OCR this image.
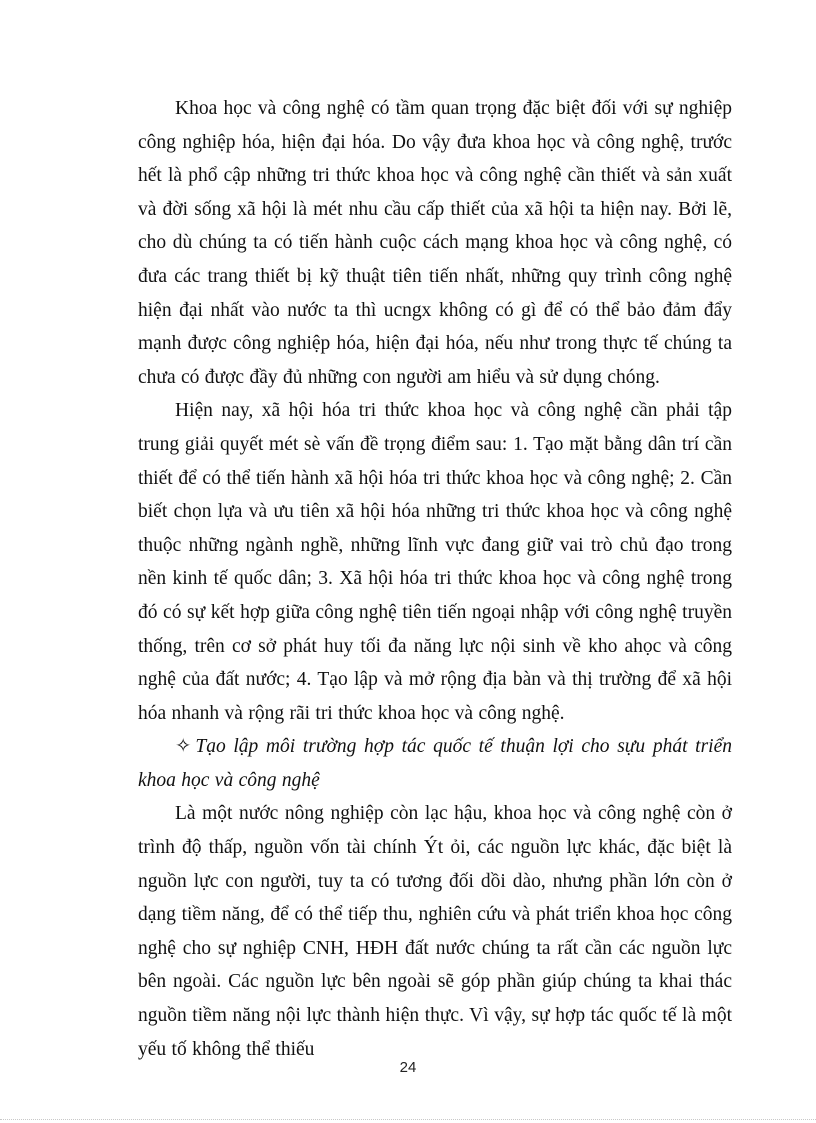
Khoa học và công nghệ có tầm quan trọng đặc biệt đối với sự nghiệp công nghiệp hóa, hiện đại hóa. Do vậy đưa khoa học và công nghệ, trước hết là phổ cập những tri thức khoa học và công nghệ cần thiết và sản xuất và đời sống xã hội là mét nhu cầu cấp thiết của xã hội ta hiện nay. Bởi lẽ, cho dù chúng ta có tiến hành cuộc cách mạng khoa học và công nghệ, có đưa các trang thiết bị kỹ thuật tiên tiến nhất, những quy trình công nghệ hiện đại nhất vào nước ta thì ucngx không có gì để có thể bảo đảm đẩy mạnh được công nghiệp hóa, hiện đại hóa, nếu như trong thực tế chúng ta chưa có được đầy đủ những con người am hiểu và sử dụng chóng.

Hiện nay, xã hội hóa tri thức khoa học và công nghệ cần phải tập trung giải quyết mét sè vấn đề trọng điểm sau: 1. Tạo mặt bằng dân trí cần thiết để có thể tiến hành xã hội hóa tri thức khoa học và công nghệ; 2. Cần biết chọn lựa và ưu tiên xã hội hóa những tri thức khoa học và công nghệ thuộc những ngành nghề, những lĩnh vực đang giữ vai trò chủ đạo trong nền kinh tế quốc dân; 3. Xã hội hóa tri thức khoa học và công nghệ trong đó có sự kết hợp giữa công nghệ tiên tiến ngoại nhập với công nghệ truyền thống, trên cơ sở phát huy tối đa năng lực nội sinh về kho ahọc và công nghệ của đất nước; 4. Tạo lập và mở rộng địa bàn và thị trường để xã hội hóa nhanh và rộng rãi tri thức khoa học và công nghệ.

✧ Tạo lập môi trường hợp tác quốc tế thuận lợi cho sựu phát triển khoa học và công nghệ

Là một nước nông nghiệp còn lạc hậu, khoa học và công nghệ còn ở trình độ thấp, nguồn vốn tài chính Ýt ỏi, các nguồn lực khác, đặc biệt là nguồn lực con người, tuy ta có tương đối dồi dào, nhưng phần lớn còn ở dạng tiềm năng, để có thể tiếp thu, nghiên cứu và phát triển khoa học công nghệ cho sự nghiệp CNH, HĐH đất nước chúng ta rất cần các nguồn lực bên ngoài. Các nguồn lực bên ngoài sẽ góp phần giúp chúng ta khai thác nguồn tiềm năng nội lực thành hiện thực. Vì vậy, sự hợp tác quốc tế là một yếu tố không thể thiếu

24
